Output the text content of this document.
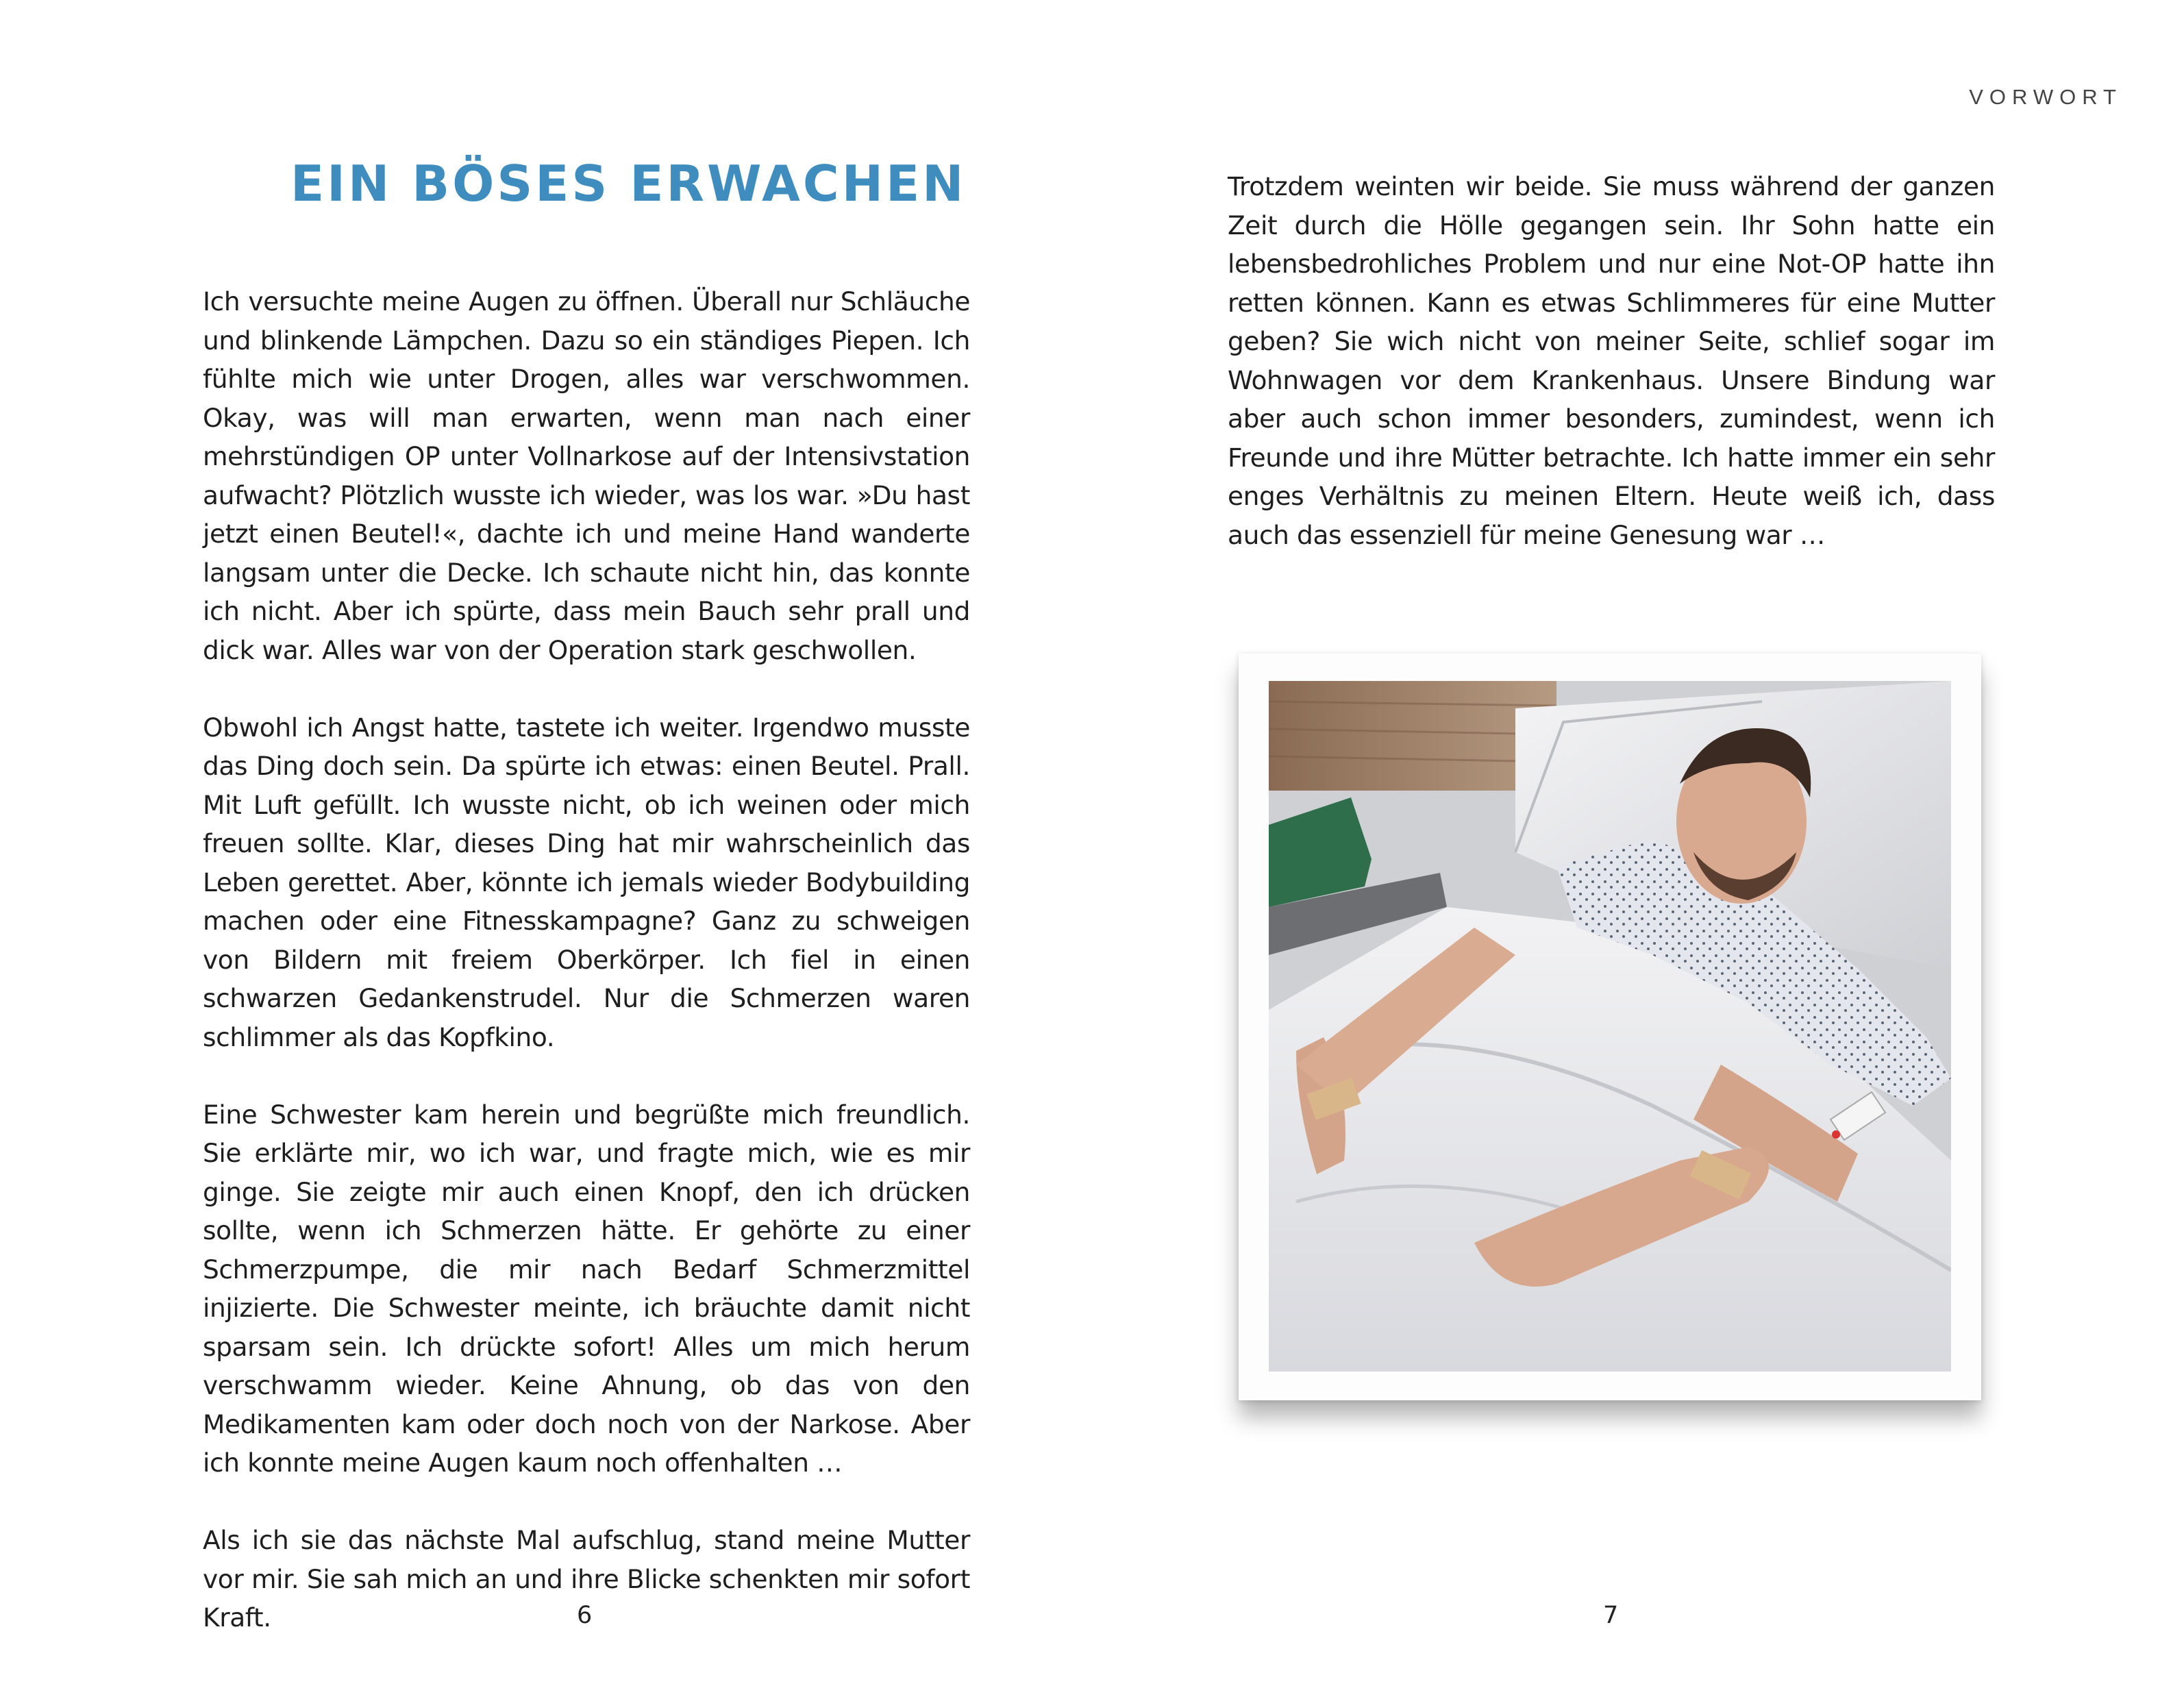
VORWORT
EIN BÖSES ERWACHEN

Ich versuchte meine Augen zu öffnen. Überall nur Schläuche und blinkende Lämpchen. Dazu so ein ständiges Piepen. Ich fühlte mich wie unter Drogen, alles war verschwommen. Okay, was will man erwarten, wenn man nach einer mehrstündigen OP unter Vollnarkose auf der Intensivstation aufwacht? Plötzlich wusste ich wieder, was los war. »Du hast jetzt einen Beutel!«, dachte ich und meine Hand wanderte langsam unter die Decke. Ich schaute nicht hin, das konnte ich nicht. Aber ich spürte, dass mein Bauch sehr prall und dick war. Alles war von der Operation stark geschwollen.

Obwohl ich Angst hatte, tastete ich weiter. Irgendwo musste das Ding doch sein. Da spürte ich etwas: einen Beutel. Prall. Mit Luft gefüllt. Ich wusste nicht, ob ich weinen oder mich freuen sollte. Klar, dieses Ding hat mir wahrscheinlich das Leben gerettet. Aber, könnte ich jemals wieder Bodybuilding machen oder eine Fitnesskampagne? Ganz zu schweigen von Bildern mit freiem Oberkörper. Ich fiel in einen schwarzen Gedankenstrudel. Nur die Schmerzen waren schlimmer als das Kopfkino.

Eine Schwester kam herein und begrüßte mich freundlich. Sie erklärte mir, wo ich war, und fragte mich, wie es mir ginge. Sie zeigte mir auch einen Knopf, den ich drücken sollte, wenn ich Schmerzen hätte. Er gehörte zu einer Schmerzpumpe, die mir nach Bedarf Schmerzmittel injizierte. Die Schwester meinte, ich bräuchte damit nicht sparsam sein. Ich drückte sofort! Alles um mich herum verschwamm wieder. Keine Ahnung, ob das von den Medikamenten kam oder doch noch von der Narkose. Aber ich konnte meine Augen kaum noch offenhalten …

Als ich sie das nächste Mal aufschlug, stand meine Mutter vor mir. Sie sah mich an und ihre Blicke schenkten mir sofort Kraft.

Trotzdem weinten wir beide. Sie muss während der ganzen Zeit durch die Hölle gegangen sein. Ihr Sohn hatte ein lebensbedrohliches Problem und nur eine Not-OP hatte ihn retten können. Kann es etwas Schlimmeres für eine Mutter geben? Sie wich nicht von meiner Seite, schlief sogar im Wohnwagen vor dem Krankenhaus. Unsere Bindung war aber auch schon immer besonders, zumindest, wenn ich Freunde und ihre Mütter betrachte. Ich hatte immer ein sehr enges Verhältnis zu meinen Eltern. Heute weiß ich, dass auch das essenziell für meine Genesung war …

6	7
